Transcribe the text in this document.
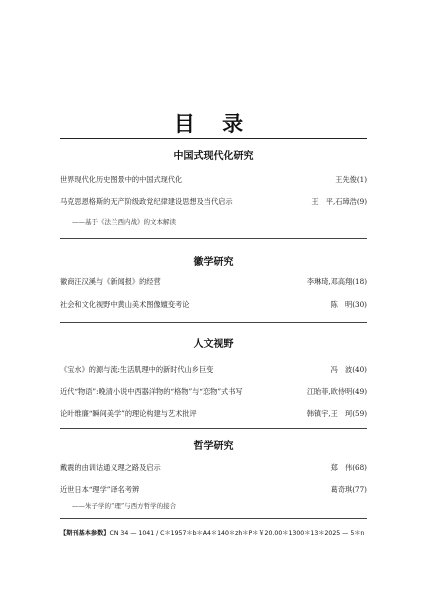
目 录
中国式现代化研究
世界现代化历史图景中的中国式现代化	王先俊(1)
马克思恩格斯的无产阶级政党纪律建设思想及当代启示	王　平,石璋浩(9)
——基于《法兰西内战》的文本解读
徽学研究
徽商汪汉溪与《新闻报》的经营	李琳琦,邓高翔(18)
社会和文化视野中黄山美术图像嬗变考论	陈　明(30)
人文视野
《宝水》的源与流:生活肌理中的新时代山乡巨变	冯　波(40)
近代“物语”:晚清小说中西器洋物的“格物”与“恋物”式书写	江眙菲,欧侍明(49)
论叶维廉“瞬间美学”的理论构建与艺术批评	韩镇宇,王　珂(59)
哲学研究
戴震的由训诂通义理之路及启示	郑　伟(68)
近世日本“理学”译名考辨	葛奇琪(77)
——朱子学的“理”与西方哲学的接合
【期刊基本参数】CN 34 — 1041 / C＊1957＊b＊A4＊140＊zh＊P＊￥20.00＊1300＊13＊2025 — 5＊n
